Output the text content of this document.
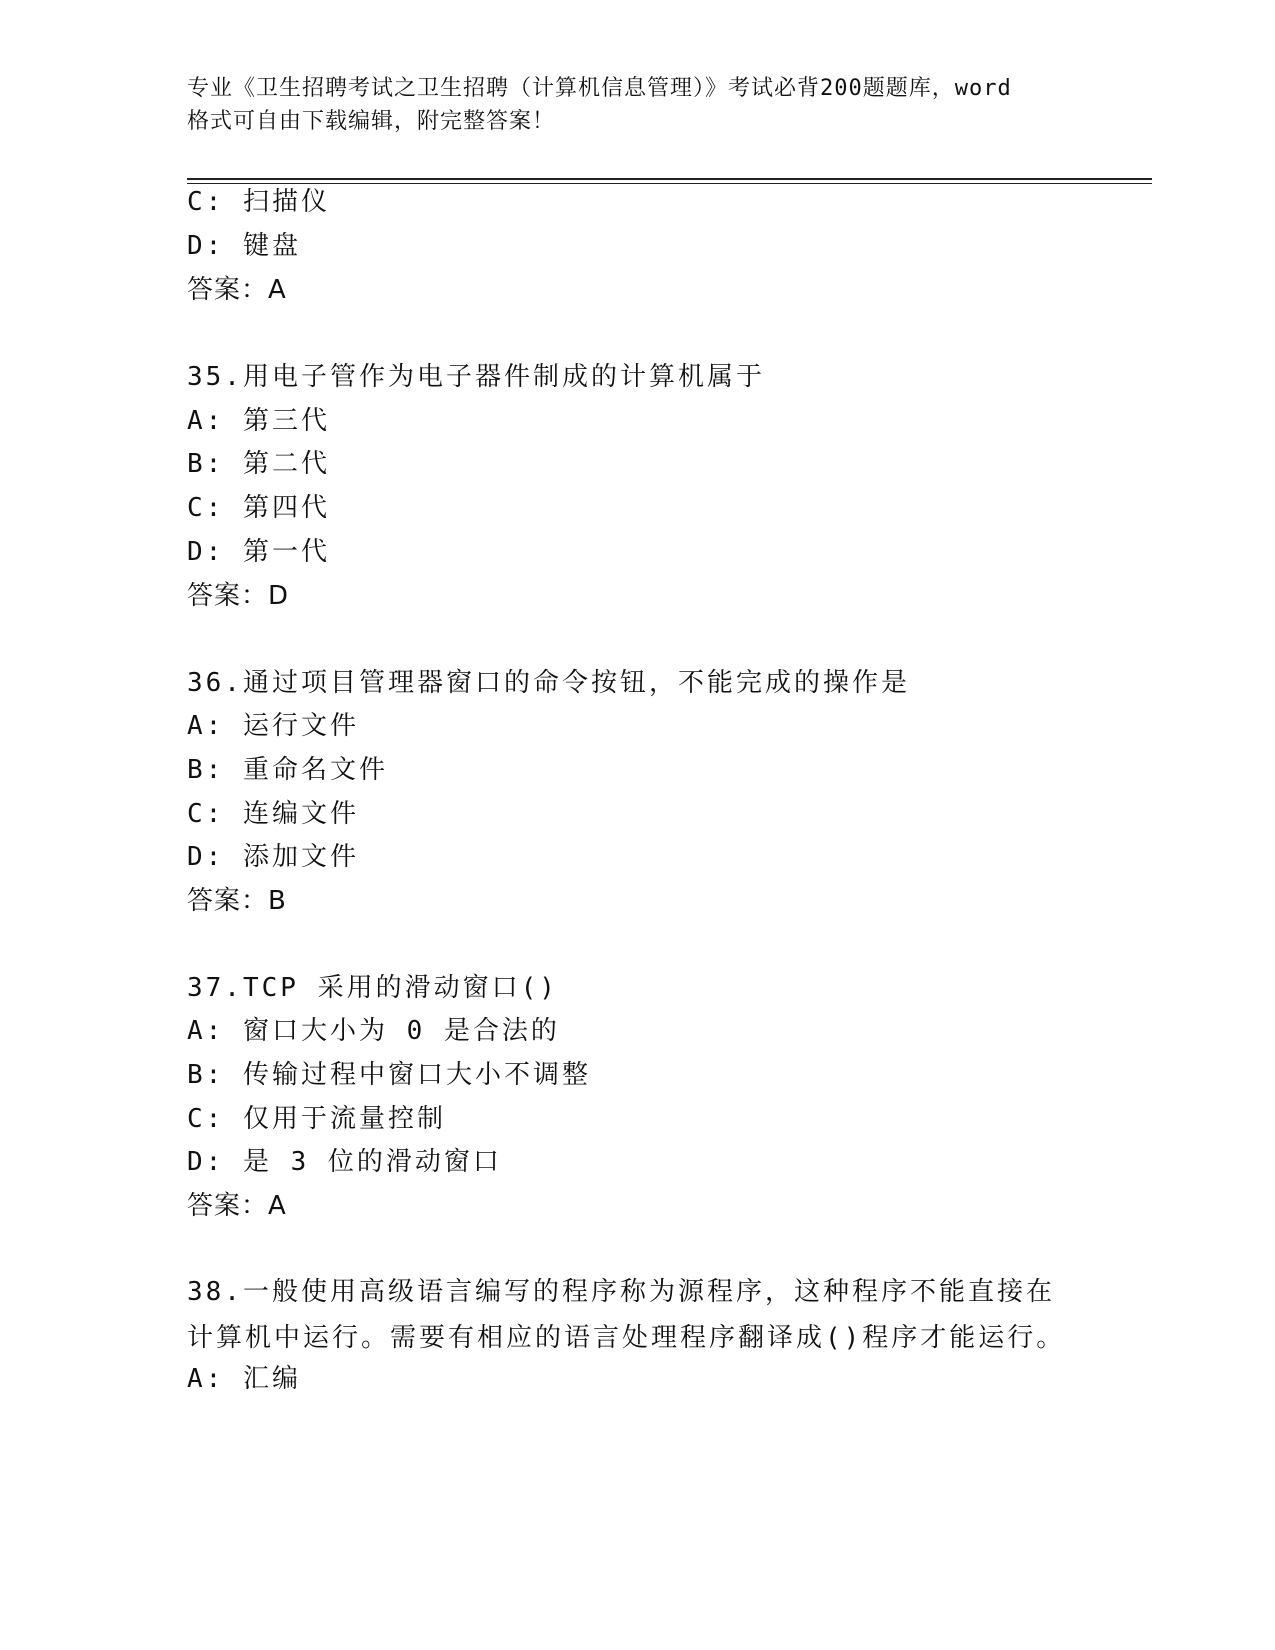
专业《卫生招聘考试之卫生招聘（计算机信息管理）》考试必背200题题库，word
格式可自由下载编辑，附完整答案！
C: 扫描仪
D: 键盘
答案：A
35.用电子管作为电子器件制成的计算机属于
A: 第三代
B: 第二代
C: 第四代
D: 第一代
答案：D
36.通过项目管理器窗口的命令按钮，不能完成的操作是
A: 运行文件
B: 重命名文件
C: 连编文件
D: 添加文件
答案：B
37.TCP 采用的滑动窗口()
A: 窗口大小为 0 是合法的
B: 传输过程中窗口大小不调整
C: 仅用于流量控制
D: 是 3 位的滑动窗口
答案：A
38.一般使用高级语言编写的程序称为源程序，这种程序不能直接在计算机中运行。需要有相应的语言处理程序翻译成()程序才能运行。
A: 汇编
